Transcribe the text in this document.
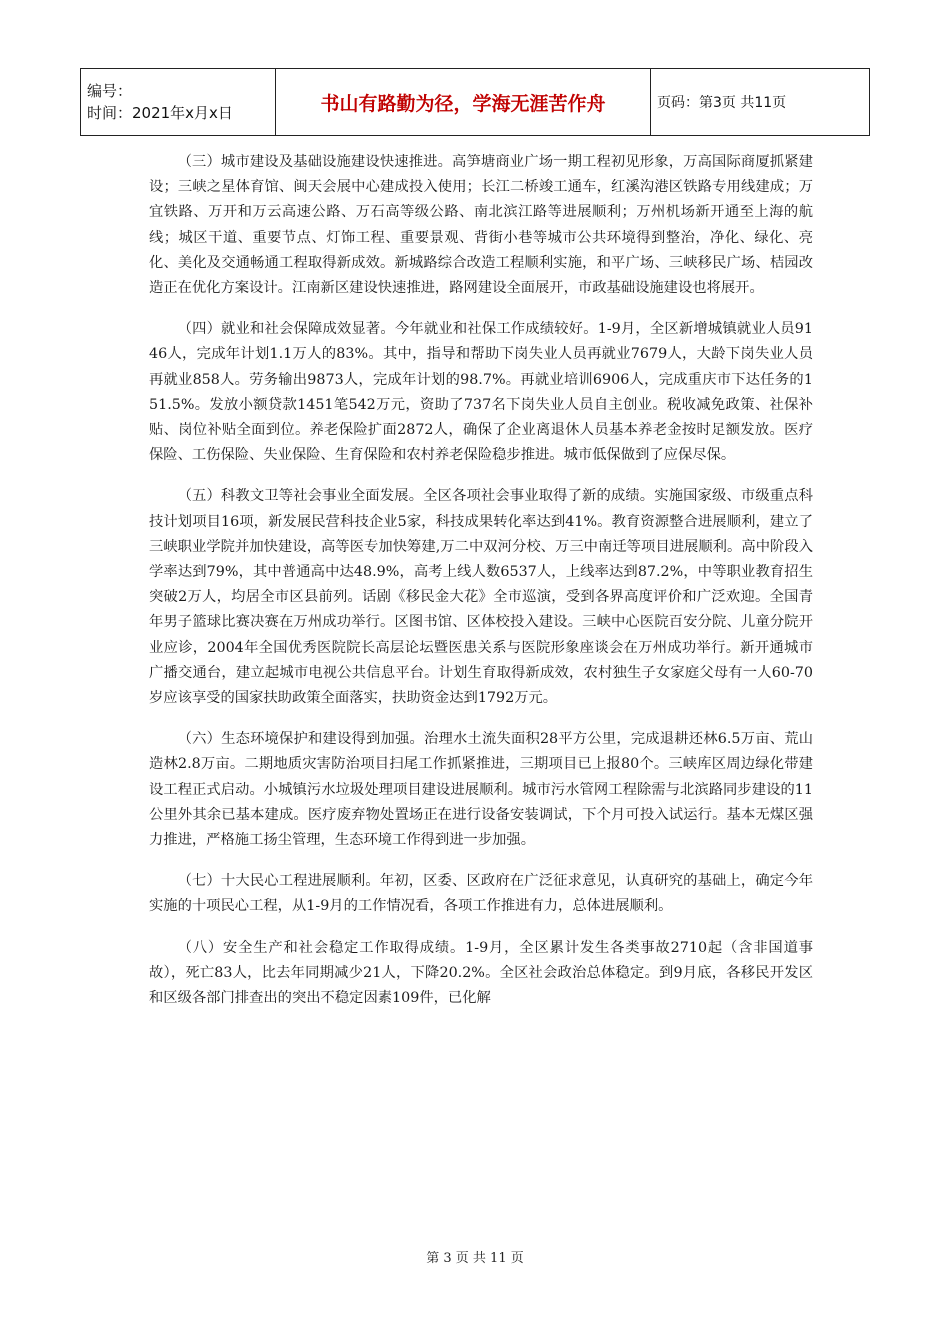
编号：
时间：2021年x月x日	书山有路勤为径，学海无涯苦作舟	页码：第3页 共11页

（三）城市建设及基础设施建设快速推进。高笋塘商业广场一期工程初见形象，万高国际商厦抓紧建设；三峡之星体育馆、闽天会展中心建成投入使用；长江二桥竣工通车，红溪沟港区铁路专用线建成；万宜铁路、万开和万云高速公路、万石高等级公路、南北滨江路等进展顺利；万州机场新开通至上海的航线；城区干道、重要节点、灯饰工程、重要景观、背街小巷等城市公共环境得到整治，净化、绿化、亮化、美化及交通畅通工程取得新成效。新城路综合改造工程顺利实施，和平广场、三峡移民广场、桔园改造正在优化方案设计。江南新区建设快速推进，路网建设全面展开，市政基础设施建设也将展开。

（四）就业和社会保障成效显著。今年就业和社保工作成绩较好。1-9月，全区新增城镇就业人员9146人，完成年计划1.1万人的83%。其中，指导和帮助下岗失业人员再就业7679人，大龄下岗失业人员再就业858人。劳务输出9873人，完成年计划的98.7%。再就业培训6906人，完成重庆市下达任务的151.5%。发放小额贷款1451笔542万元，资助了737名下岗失业人员自主创业。税收减免政策、社保补贴、岗位补贴全面到位。养老保险扩面2872人，确保了企业离退休人员基本养老金按时足额发放。医疗保险、工伤保险、失业保险、生育保险和农村养老保险稳步推进。城市低保做到了应保尽保。

（五）科教文卫等社会事业全面发展。全区各项社会事业取得了新的成绩。实施国家级、市级重点科技计划项目16项，新发展民营科技企业5家，科技成果转化率达到41%。教育资源整合进展顺利，建立了三峡职业学院并加快建设，高等医专加快筹建,万二中双河分校、万三中南迁等项目进展顺利。高中阶段入学率达到79%，其中普通高中达48.9%，高考上线人数6537人，上线率达到87.2%，中等职业教育招生突破2万人，均居全市区县前列。话剧《移民金大花》全市巡演，受到各界高度评价和广泛欢迎。全国青年男子篮球比赛决赛在万州成功举行。区图书馆、区体校投入建设。三峡中心医院百安分院、儿童分院开业应诊，2004年全国优秀医院院长高层论坛暨医患关系与医院形象座谈会在万州成功举行。新开通城市广播交通台，建立起城市电视公共信息平台。计划生育取得新成效，农村独生子女家庭父母有一人60-70岁应该享受的国家扶助政策全面落实，扶助资金达到1792万元。

（六）生态环境保护和建设得到加强。治理水土流失面积28平方公里，完成退耕还林6.5万亩、荒山造林2.8万亩。二期地质灾害防治项目扫尾工作抓紧推进，三期项目已上报80个。三峡库区周边绿化带建设工程正式启动。小城镇污水垃圾处理项目建设进展顺利。城市污水管网工程除需与北滨路同步建设的11公里外其余已基本建成。医疗废弃物处置场正在进行设备安装调试，下个月可投入试运行。基本无煤区强力推进，严格施工扬尘管理，生态环境工作得到进一步加强。

（七）十大民心工程进展顺利。年初，区委、区政府在广泛征求意见，认真研究的基础上，确定今年实施的十项民心工程，从1-9月的工作情况看，各项工作推进有力，总体进展顺利。

（八）安全生产和社会稳定工作取得成绩。1-9月，全区累计发生各类事故2710起（含非国道事故），死亡83人，比去年同期减少21人，下降20.2%。全区社会政治总体稳定。到9月底，各移民开发区和区级各部门排查出的突出不稳定因素109件，已化解

第 3 页 共 11 页
